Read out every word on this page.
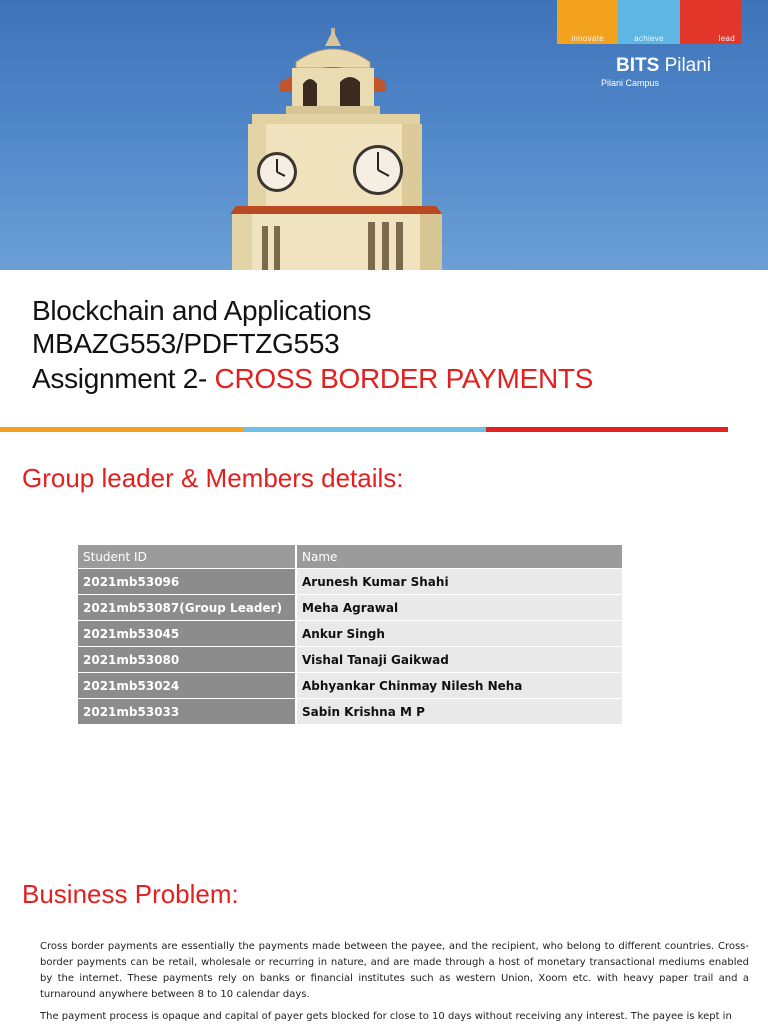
innovate	achieve	lead
BITS Pilani
Pilani Campus
Blockchain and Applications
MBAZG553/PDFTZG553
Assignment 2- CROSS BORDER PAYMENTS
Group leader & Members details:
Student ID	Name
2021mb53096	Arunesh Kumar Shahi
2021mb53087(Group Leader)	Meha Agrawal
2021mb53045	Ankur Singh
2021mb53080	Vishal Tanaji Gaikwad
2021mb53024	Abhyankar Chinmay Nilesh Neha
2021mb53033	Sabin Krishna M P
Business Problem:
Cross border payments are essentially the payments made between the payee, and the recipient, who belong to different countries. Cross-border payments can be retail, wholesale or recurring in nature, and are made through a host of monetary transactional mediums enabled by the internet. These payments rely on banks or financial institutes such as western Union, Xoom etc. with heavy paper trail and a turnaround anywhere between 8 to 10 calendar days.
The payment process is opaque and capital of payer gets blocked for close to 10 days without receiving any interest. The payee is kept in
